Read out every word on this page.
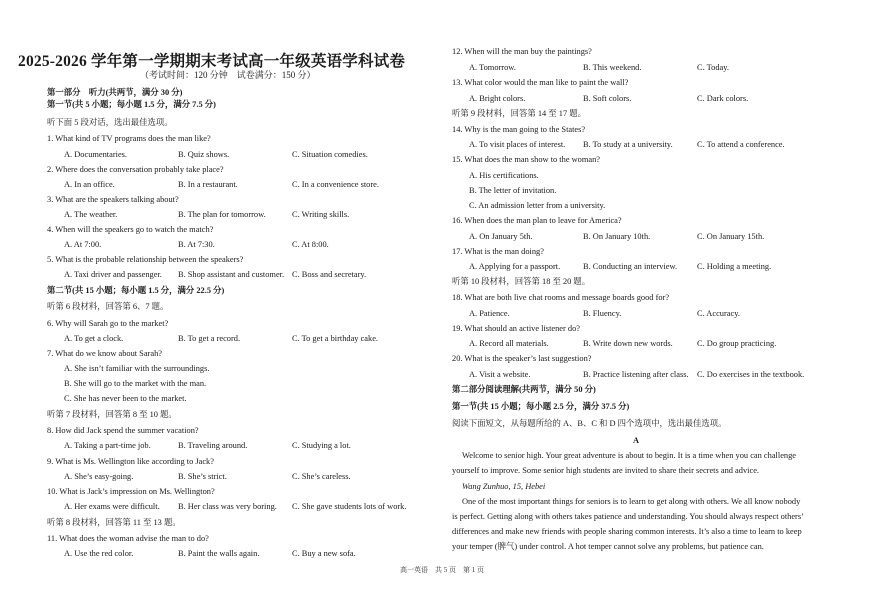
2025-2026 学年第一学期期末考试高一年级英语学科试卷
（考试时间：120 分钟　试卷满分：150 分）
第一部分　听力(共两节，满分 30 分)
第一节(共 5 小题；每小题 1.5 分，满分 7.5 分)
听下面 5 段对话，选出最佳选项。
1. What kind of TV programs does the man like?
A. Documentaries.	B. Quiz shows.	C. Situation comedies.
2. Where does the conversation probably take place?
A. In an office.	B. In a restaurant.	C. In a convenience store.
3. What are the speakers talking about?
A. The weather.	B. The plan for tomorrow.	C. Writing skills.
4. When will the speakers go to watch the match?
A. At 7:00.	B. At 7:30.	C. At 8:00.
5. What is the probable relationship between the speakers?
A. Taxi driver and passenger. B. Shop assistant and customer. C. Boss and secretary.
第二节(共 15 小题；每小题 1.5 分，满分 22.5 分)
听第 6 段材料，回答第 6、7 题。
6. Why will Sarah go to the market?
A. To get a clock.	B. To get a record.	C. To get a birthday cake.
7. What do we know about Sarah?
A. She isn’t familiar with the surroundings.
B. She will go to the market with the man.
C. She has never been to the market.
听第 7 段材料，回答第 8 至 10 题。
8. How did Jack spend the summer vacation?
A. Taking a part-time job.	B. Traveling around.	C. Studying a lot.
9. What is Ms. Wellington like according to Jack?
A. She’s easy-going.	B. She’s strict.	C. She’s careless.
10. What is Jack’s impression on Ms. Wellington?
A. Her exams were difficult. B. Her class was very boring. C. She gave students lots of work.
听第 8 段材料，回答第 11 至 13 题。
11. What does the woman advise the man to do?
A. Use the red color.	B. Paint the walls again.	C. Buy a new sofa.
12. When will the man buy the paintings?
A. Tomorrow.	B. This weekend.	C. Today.
13. What color would the man like to paint the wall?
A. Bright colors.	B. Soft colors.	C. Dark colors.
听第 9 段材料，回答第 14 至 17 题。
14. Why is the man going to the States?
A. To visit places of interest. B. To study at a university.	C. To attend a conference.
15. What does the man show to the woman?
A. His certifications.
B. The letter of invitation.
C. An admission letter from a university.
16. When does the man plan to leave for America?
A. On January 5th.	B. On January 10th.	C. On January 15th.
17. What is the man doing?
A. Applying for a passport.	B. Conducting an interview. C. Holding a meeting.
听第 10 段材料，回答第 18 至 20 题。
18. What are both live chat rooms and message boards good for?
A. Patience.	B. Fluency.	C. Accuracy.
19. What should an active listener do?
A. Record all materials.	B. Write down new words.	C. Do group practicing.
20. What is the speaker’s last suggestion?
A. Visit a website.	B. Practice listening after class. C. Do exercises in the textbook.
第二部分阅读理解(共两节，满分 50 分)
第一节(共 15 小题；每小题 2.5 分，满分 37.5 分)
阅读下面短文，从每题所给的 A、B、C 和 D 四个选项中，选出最佳选项。
A
Welcome to senior high. Your great adventure is about to begin. It is a time when you can challenge
yourself to improve. Some senior high students are invited to share their secrets and advice.
Wang Zunhuo, 15, Hebei
One of the most important things for seniors is to learn to get along with others. We all know nobody
is perfect. Getting along with others takes patience and understanding. You should always respect others’
differences and make new friends with people sharing common interests. It’s also a time to learn to keep
your temper (脾气) under control. A hot temper cannot solve any problems, but patience can.
高一英语　共 5 页　第 1 页
